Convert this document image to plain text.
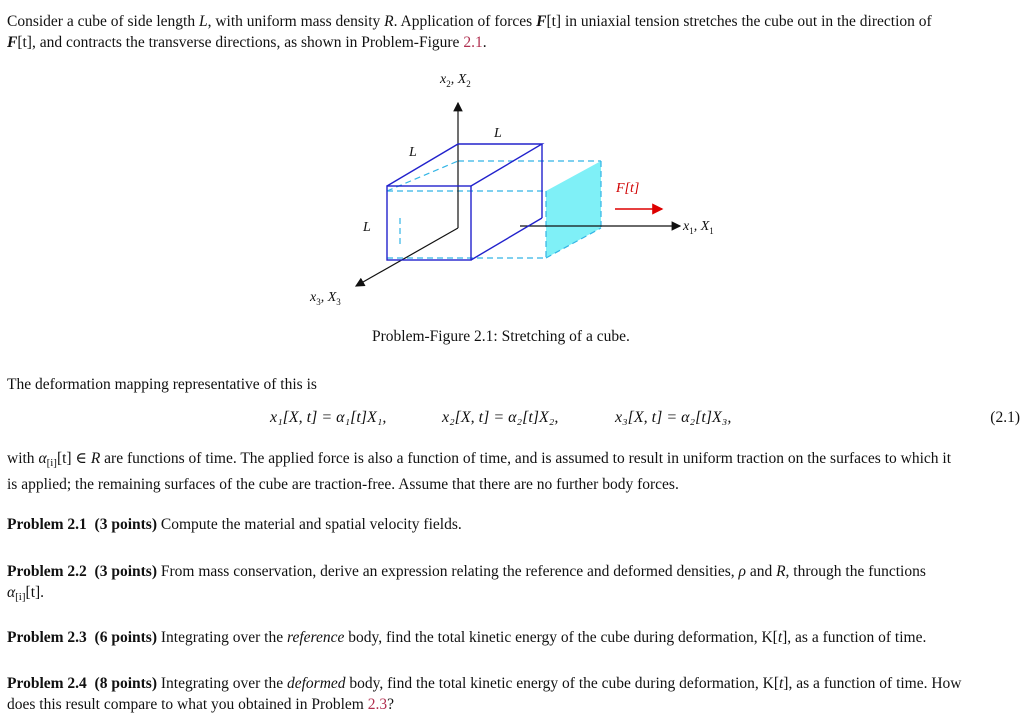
Consider a cube of side length L, with uniform mass density R. Application of forces F[t] in uniaxial tension stretches the cube out in the direction of
F[t], and contracts the transverse directions, as shown in Problem-Figure 2.1.
$x_2$, $X_2$
$x_1$, $X_1$
$x_3$, $X_3$
L
L
L
F[t]
Problem-Figure 2.1: Stretching of a cube.
The deformation mapping representative of this is
x₁[X, t] = α₁[t]X₁,	x₂[X, t] = α₂[t]X₂,	x₃[X, t] = α₂[t]X₃,	(2.1)
with $\alpha_{[i]}[t]$ ∈ R are functions of time. The applied force is also a function of time, and is assumed to result in uniform traction on the surfaces to which it
is applied; the remaining surfaces of the cube are traction-free. Assume that there are no further body forces.
Problem 2.1 (3 points) Compute the material and spatial velocity fields.
Problem 2.2 (3 points) From mass conservation, derive an expression relating the reference and deformed densities, ρ and R, through the functions
$\alpha_{[i]}[t]$.
Problem 2.3 (6 points) Integrating over the reference body, find the total kinetic energy of the cube during deformation, K[t], as a function of time.
Problem 2.4 (8 points) Integrating over the deformed body, find the total kinetic energy of the cube during deformation, K[t], as a function of time. How
does this result compare to what you obtained in Problem 2.3?
